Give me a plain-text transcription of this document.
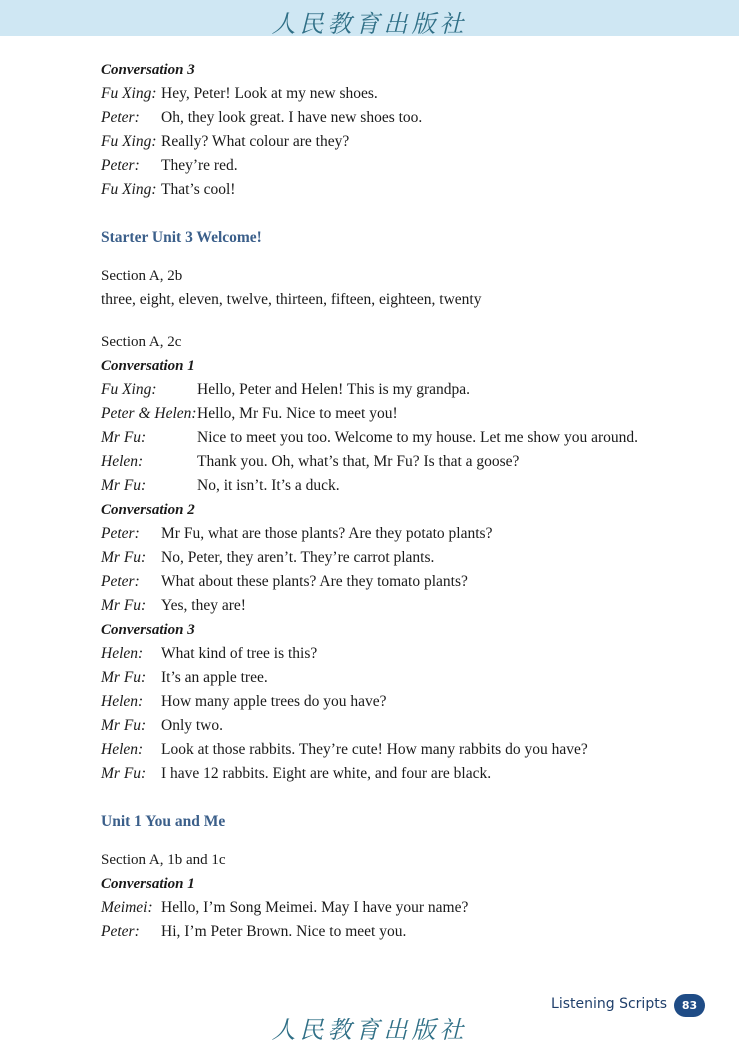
人民教育出版社
Conversation 3
Fu Xing: Hey, Peter! Look at my new shoes.
Peter:	Oh, they look great. I have new shoes too.
Fu Xing: Really? What colour are they?
Peter:	They’re red.
Fu Xing: That’s cool!
Starter Unit 3 Welcome!
Section A, 2b
three, eight, eleven, twelve, thirteen, fifteen, eighteen, twenty
Section A, 2c
Conversation 1
Fu Xing:	Hello, Peter and Helen! This is my grandpa.
Peter & Helen: Hello, Mr Fu. Nice to meet you!
Mr Fu:	Nice to meet you too. Welcome to my house. Let me show you around.
Helen:	Thank you. Oh, what’s that, Mr Fu? Is that a goose?
Mr Fu:	No, it isn’t. It’s a duck.
Conversation 2
Peter:	Mr Fu, what are those plants? Are they potato plants?
Mr Fu: No, Peter, they aren’t. They’re carrot plants.
Peter:	What about these plants? Are they tomato plants?
Mr Fu: Yes, they are!
Conversation 3
Helen:	What kind of tree is this?
Mr Fu: It’s an apple tree.
Helen:	How many apple trees do you have?
Mr Fu: Only two.
Helen:	Look at those rabbits. They’re cute! How many rabbits do you have?
Mr Fu: I have 12 rabbits. Eight are white, and four are black.
Unit 1 You and Me
Section A, 1b and 1c
Conversation 1
Meimei: Hello, I’m Song Meimei. May I have your name?
Peter:	Hi, I’m Peter Brown. Nice to meet you.
Listening Scripts	83
人民教育出版社
